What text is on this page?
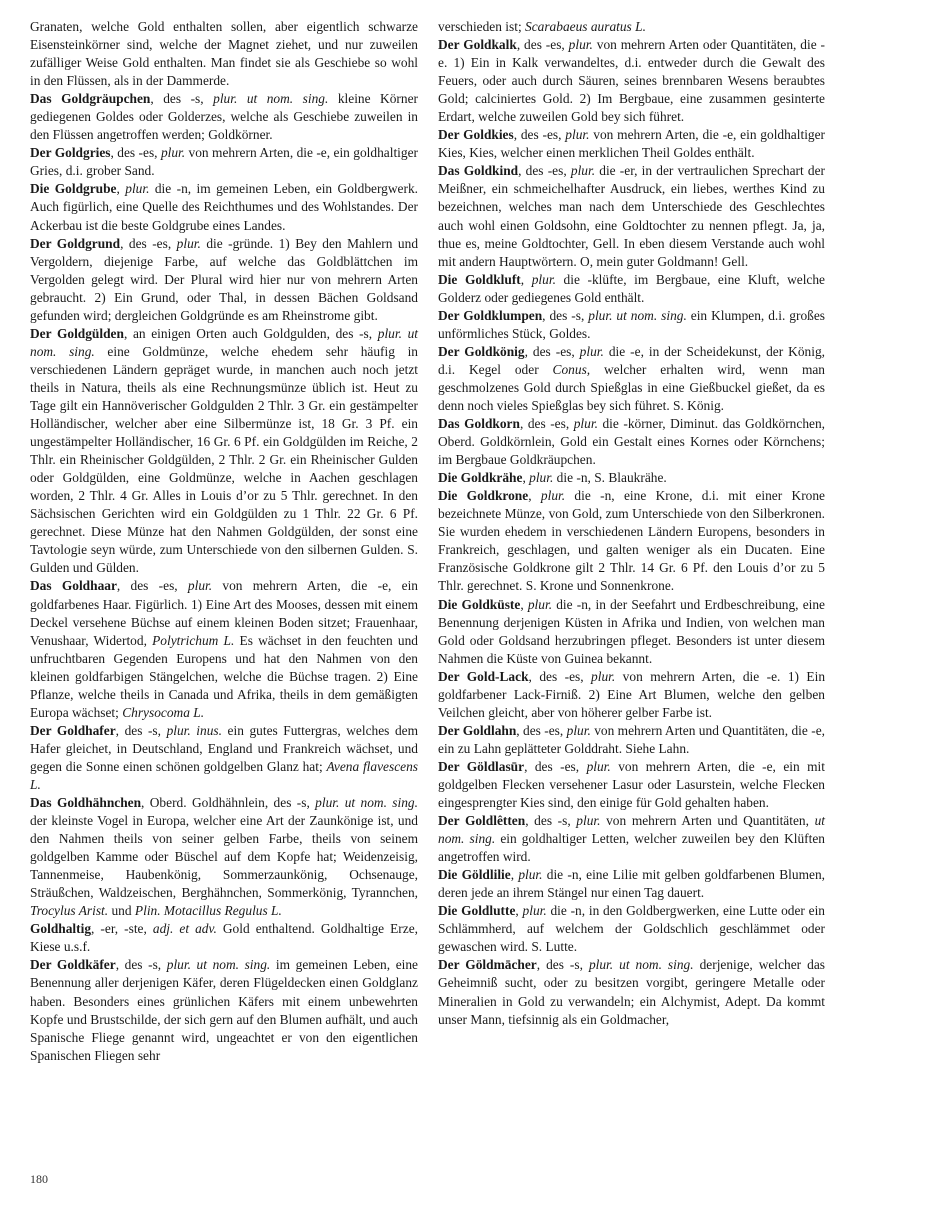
Granaten, welche Gold enthalten sollen, aber eigentlich schwarze Eisensteinkörner sind, welche der Magnet ziehet, und nur zuweilen zufälliger Weise Gold enthalten. Man findet sie als Geschiebe so wohl in den Flüssen, als in der Dammerde.

Das Goldgräupchen, des -s, plur. ut nom. sing. kleine Körner gediegenen Goldes oder Golderzes, welche als Geschiebe zuweilen in den Flüssen angetroffen werden; Goldkörner.

Der Goldgries, des -es, plur. von mehrern Arten, die -e, ein goldhaltiger Gries, d.i. grober Sand.

Die Goldgrube, plur. die -n, im gemeinen Leben, ein Goldbergwerk. Auch figürlich, eine Quelle des Reichthumes und des Wohlstandes. Der Ackerbau ist die beste Goldgrube eines Landes.

Der Goldgrund, des -es, plur. die -gründe. 1) Bey den Mahlern und Vergoldern, diejenige Farbe, auf welche das Goldblättchen im Vergolden gelegt wird. Der Plural wird hier nur von mehrern Arten gebraucht. 2) Ein Grund, oder Thal, in dessen Bächen Goldsand gefunden wird; dergleichen Goldgründe es am Rheinstrome gibt.

Der Goldgülden, an einigen Orten auch Goldgulden, des -s, plur. ut nom. sing. eine Goldmünze, welche ehedem sehr häufig in verschiedenen Ländern gepräget wurde, in manchen auch noch jetzt theils in Natura, theils als eine Rechnungsmünze üblich ist. Heut zu Tage gilt ein Hannöverischer Goldgulden 2 Thlr. 3 Gr. ein gestämpelter Holländischer, welcher aber eine Silbermünze ist, 18 Gr. 3 Pf. ein ungestämpelter Holländischer, 16 Gr. 6 Pf. ein Goldgülden im Reiche, 2 Thlr. ein Rheinischer Goldgülden, 2 Thlr. 2 Gr. ein Rheinischer Gulden oder Goldgülden, eine Goldmünze, welche in Aachen geschlagen worden, 2 Thlr. 4 Gr. Alles in Louis d’or zu 5 Thlr. gerechnet. In den Sächsischen Gerichten wird ein Goldgülden zu 1 Thlr. 22 Gr. 6 Pf. gerechnet. Diese Münze hat den Nahmen Goldgülden, der sonst eine Tavtologie seyn würde, zum Unterschiede von den silbernen Gulden. S. Gulden und Gülden.

Das Goldhaar, des -es, plur. von mehrern Arten, die -e, ein goldfarbenes Haar. Figürlich. 1) Eine Art des Mooses, dessen mit einem Deckel versehene Büchse auf einem kleinen Boden sitzet; Frauenhaar, Venushaar, Widertod, Polytrichum L. Es wächset in den feuchten und unfruchtbaren Gegenden Europens und hat den Nahmen von den kleinen goldfarbigen Stängelchen, welche die Büchse tragen. 2) Eine Pflanze, welche theils in Canada und Afrika, theils in dem gemäßigten Europa wächset; Chrysocoma L.

Der Goldhafer, des -s, plur. inus. ein gutes Futtergras, welches dem Hafer gleichet, in Deutschland, England und Frankreich wächset, und gegen die Sonne einen schönen goldgelben Glanz hat; Avena flavescens L.

Das Goldhähnchen, Oberd. Goldhähnlein, des -s, plur. ut nom. sing. der kleinste Vogel in Europa, welcher eine Art der Zaunkönige ist, und den Nahmen theils von seiner gelben Farbe, theils von seinem goldgelben Kamme oder Büschel auf dem Kopfe hat; Weidenzeisig, Tannenmeise, Haubenkönig, Sommerzaunkönig, Ochsenauge, Sträußchen, Waldzeischen, Berghähnchen, Sommerkönig, Tyrannchen, Trocylus Arist. und Plin. Motacillus Regulus L.

Goldhaltig, -er, -ste, adj. et adv. Gold enthaltend. Goldhaltige Erze, Kiese u.s.f.

Der Goldkäfer, des -s, plur. ut nom. sing. im gemeinen Leben, eine Benennung aller derjenigen Käfer, deren Flügeldecken einen Goldglanz haben. Besonders eines grünlichen Käfers mit einem unbewehrten Kopfe und Brustschilde, der sich gern auf den Blumen aufhält, und auch Spanische Fliege genannt wird, ungeachtet er von den eigentlichen Spanischen Fliegen sehr

verschieden ist; Scarabaeus auratus L.

Der Goldkalk, des -es, plur. von mehrern Arten oder Quantitäten, die -e. 1) Ein in Kalk verwandeltes, d.i. entweder durch die Gewalt des Feuers, oder auch durch Säuren, seines brennbaren Wesens beraubtes Gold; calciniertes Gold. 2) Im Bergbaue, eine zusammen gesinterte Erdart, welche zuweilen Gold bey sich führet.

Der Goldkies, des -es, plur. von mehrern Arten, die -e, ein goldhaltiger Kies, Kies, welcher einen merklichen Theil Goldes enthält.

Das Goldkind, des -es, plur. die -er, in der vertraulichen Sprechart der Meißner, ein schmeichelhafter Ausdruck, ein liebes, werthes Kind zu bezeichnen, welches man nach dem Unterschiede des Geschlechtes auch wohl einen Goldsohn, eine Goldtochter zu nennen pflegt. Ja, ja, thue es, meine Goldtochter, Gell. In eben diesem Verstande auch wohl mit andern Hauptwörtern. O, mein guter Goldmann! Gell.

Die Goldkluft, plur. die -klüfte, im Bergbaue, eine Kluft, welche Golderz oder gediegenes Gold enthält.

Der Goldklumpen, des -s, plur. ut nom. sing. ein Klumpen, d.i. großes unförmliches Stück, Goldes.

Der Goldkönig, des -es, plur. die -e, in der Scheidekunst, der König, d.i. Kegel oder Conus, welcher erhalten wird, wenn man geschmolzenes Gold durch Spießglas in eine Gießbuckel gießet, da es denn noch vieles Spießglas bey sich führet. S. König.

Das Goldkorn, des -es, plur. die -körner, Diminut. das Goldkörnchen, Oberd. Goldkörnlein, Gold ein Gestalt eines Kornes oder Körnchens; im Bergbaue Goldkräupchen.

Die Goldkrähe, plur. die -n, S. Blaukrähe.

Die Goldkrone, plur. die -n, eine Krone, d.i. mit einer Krone bezeichnete Münze, von Gold, zum Unterschiede von den Silberkronen. Sie wurden ehedem in verschiedenen Ländern Europens, besonders in Frankreich, geschlagen, und galten weniger als ein Ducaten. Eine Französische Goldkrone gilt 2 Thlr. 14 Gr. 6 Pf. den Louis d’or zu 5 Thlr. gerechnet. S. Krone und Sonnenkrone.

Die Goldküste, plur. die -n, in der Seefahrt und Erdbeschreibung, eine Benennung derjenigen Küsten in Afrika und Indien, von welchen man Gold oder Goldsand herzubringen pfleget. Besonders ist unter diesem Nahmen die Küste von Guinea bekannt.

Der Gold-Lack, des -es, plur. von mehrern Arten, die -e. 1) Ein goldfarbener Lack-Firniß. 2) Eine Art Blumen, welche den gelben Veilchen gleicht, aber von höherer gelber Farbe ist.

Der Goldlahn, des -es, plur. von mehrern Arten und Quantitäten, die -e, ein zu Lahn geplätteter Golddraht. Siehe Lahn.

Der Göldlasūr, des -es, plur. von mehrern Arten, die -e, ein mit goldgelben Flecken versehener Lasur oder Lasurstein, welche Flecken eingesprengter Kies sind, den einige für Gold gehalten haben.

Der Goldlêtten, des -s, plur. von mehrern Arten und Quantitäten, ut nom. sing. ein goldhaltiger Letten, welcher zuweilen bey den Klüften angetroffen wird.

Die Göldlilie, plur. die -n, eine Lilie mit gelben goldfarbenen Blumen, deren jede an ihrem Stängel nur einen Tag dauert.

Die Goldlutte, plur. die -n, in den Goldbergwerken, eine Lutte oder ein Schlämmherd, auf welchem der Goldschlich geschlämmet oder gewaschen wird. S. Lutte.

Der Göldmācher, des -s, plur. ut nom. sing. derjenige, welcher das Geheimniß sucht, oder zu besitzen vorgibt, geringere Metalle oder Mineralien in Gold zu verwandeln; ein Alchymist, Adept. Da kommt unser Mann, tiefsinnig als ein Goldmacher,

180
